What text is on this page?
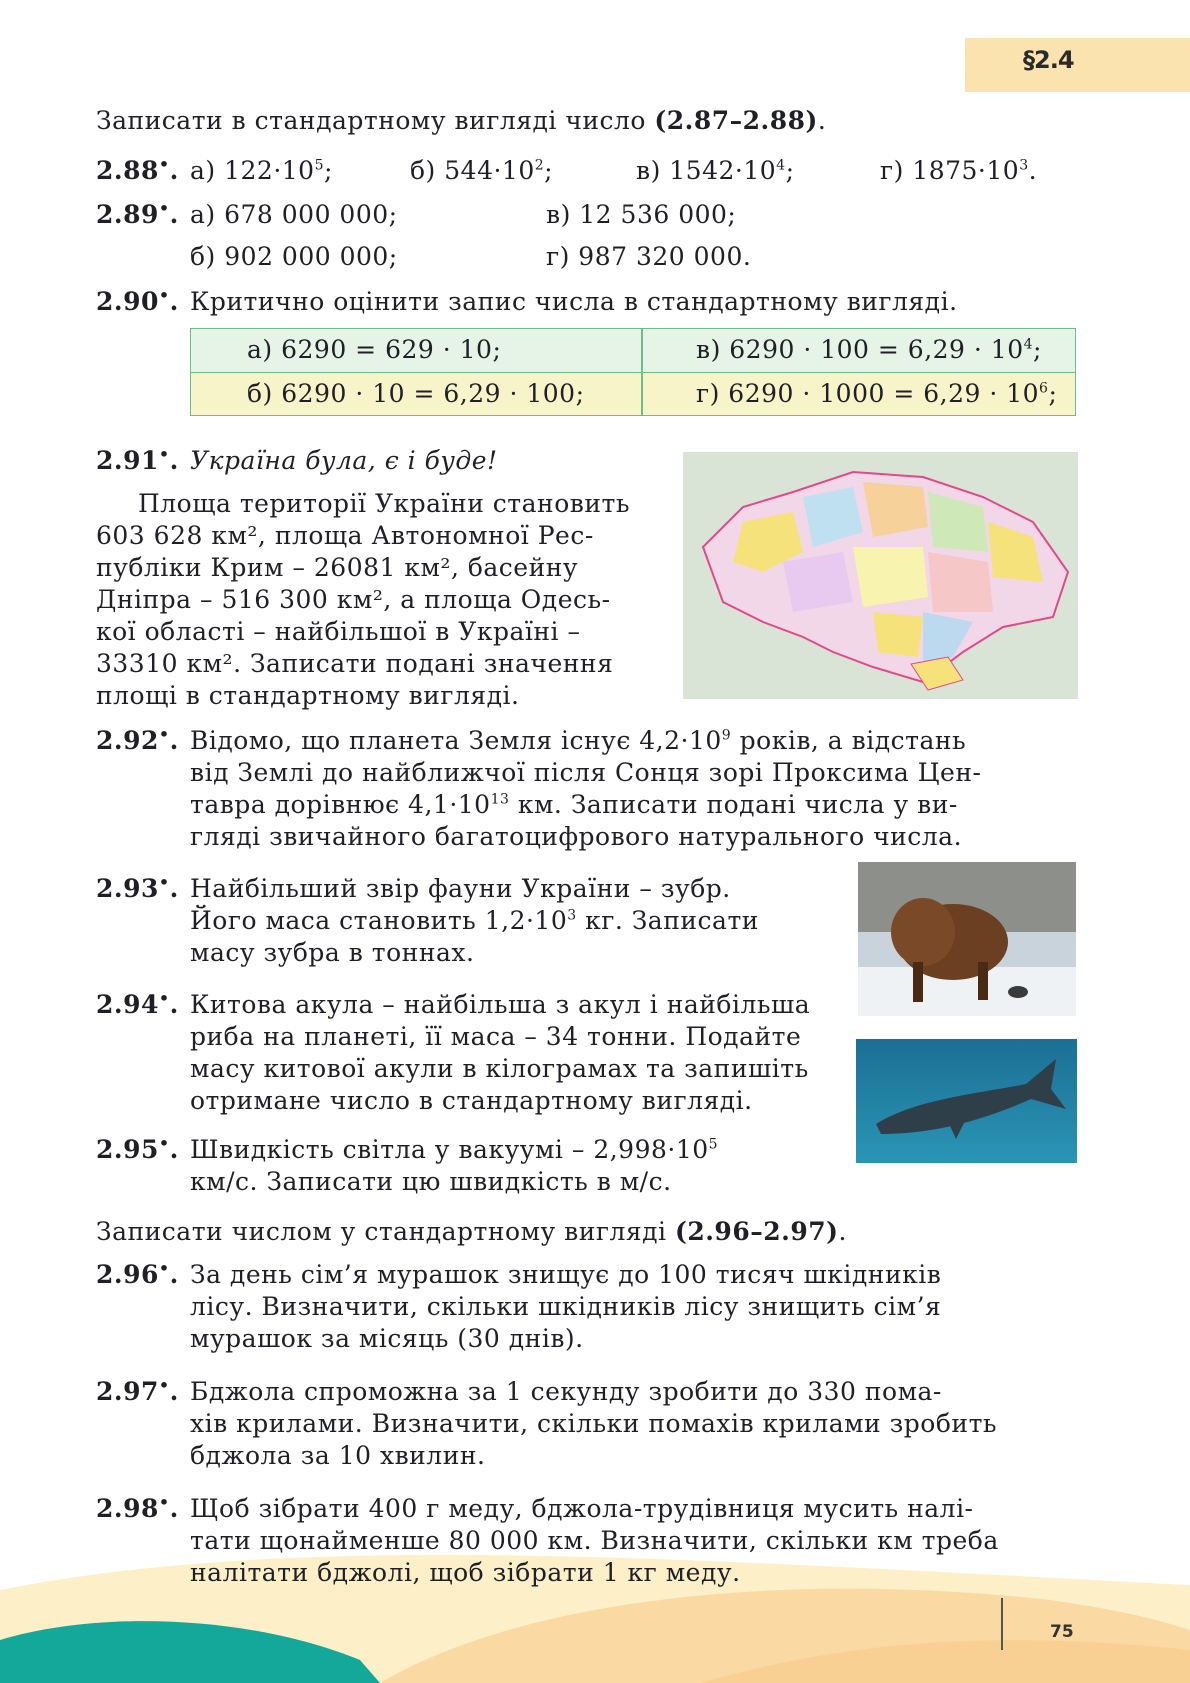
§2.4
Записати в стандартному вигляді число (2.87–2.88).
2.88•. а) $122\cdot 10^5$;	б) $544\cdot 10^2$;	в) $1542\cdot 10^4$;	г) $1875\cdot 10^3$.
2.89•. а) 678 000 000;	в) 12 536 000;
б) 902 000 000;	г) 987 320 000.
2.90•. Критично оцінити запис числа в стандартному вигляді.
а) 6290 = 629 · 10;	в) $6290 \cdot 100 = 6,29 \cdot 10^4$;
б) 6290 · 10 = 6,29 · 100;	г) $6290 \cdot 1000 = 6,29 \cdot 10^6$;
2.91•. Україна була, є і буде!
Площа території України становить
603 628 км², площа Автономної Рес-
публіки Крим – 26081 км², басейну
Дніпра – 516 300 км², а площа Одесь-
кої області – найбільшої в Україні –
33310 км². Записати подані значення
площі в стандартному вигляді.
2.92•. Відомо, що планета Земля існує $4,2\cdot 10^9$ років, а відстань
від Землі до найближчої після Сонця зорі Проксима Цен-
тавра дорівнює $4,1\cdot 10^{13}$ км. Записати подані числа у ви-
гляді звичайного багатоцифрового натурального числа.
2.93•. Найбільший звір фауни України – зубр.
Його маса становить $1,2\cdot 10^3$ кг. Записати
масу зубра в тоннах.
2.94•. Китова акула – найбільша з акул і найбільша
риба на планеті, її маса – 34 тонни. Подайте
масу китової акули в кілограмах та запишіть
отримане число в стандартному вигляді.
2.95•. Швидкість світла у вакуумі – $2,998\cdot 10^5$
км/с. Записати цю швидкість в м/с.
Записати числом у стандартному вигляді (2.96–2.97).
2.96•. За день сім’я мурашок знищує до 100 тисяч шкідників
лісу. Визначити, скільки шкідників лісу знищить сім’я
мурашок за місяць (30 днів).
2.97•. Бджола спроможна за 1 секунду зробити до 330 пома-
хів крилами. Визначити, скільки помахів крилами зробить
бджола за 10 хвилин.
2.98•. Щоб зібрати 400 г меду, бджола-трудівниця мусить налі-
тати щонайменше 80 000 км. Визначити, скільки км треба
налітати бджолі, щоб зібрати 1 кг меду.
75
